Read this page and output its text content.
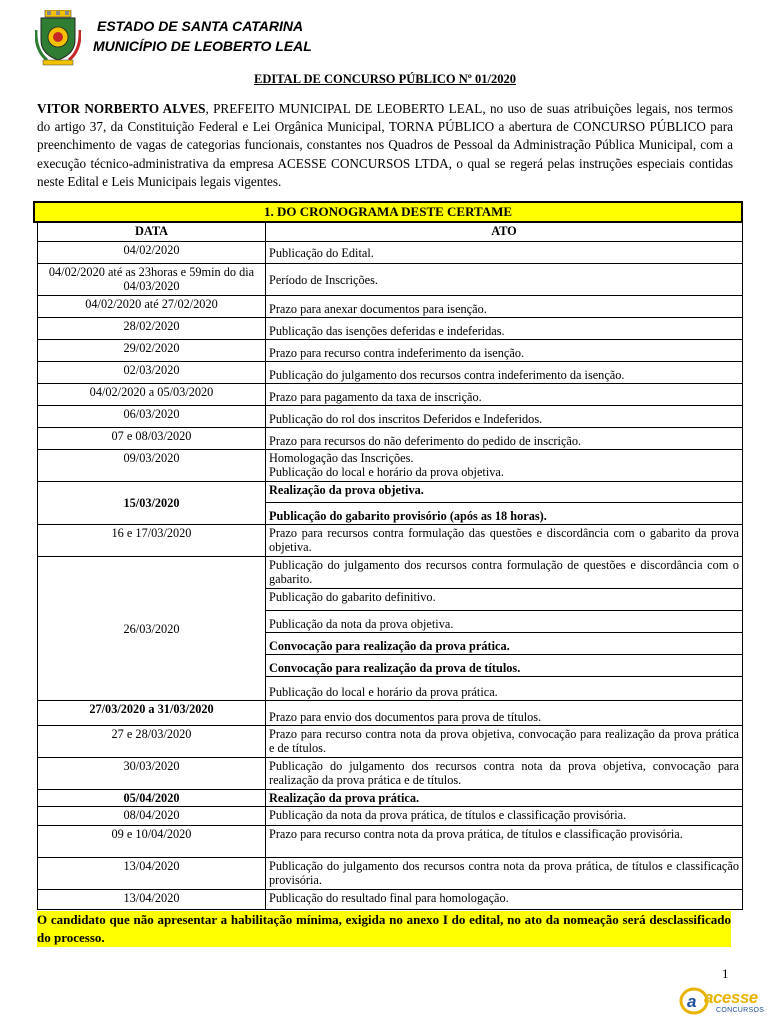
ESTADO DE SANTA CATARINA
MUNICÍPIO DE LEOBERTO LEAL
EDITAL DE CONCURSO PÚBLICO Nº 01/2020
VITOR NORBERTO ALVES, PREFEITO MUNICIPAL DE LEOBERTO LEAL, no uso de suas atribuições legais, nos termos do artigo 37, da Constituição Federal e Lei Orgânica Municipal, TORNA PÚBLICO a abertura de CONCURSO PÚBLICO para preenchimento de vagas de categorias funcionais, constantes nos Quadros de Pessoal da Administração Pública Municipal, com a execução técnico-administrativa da empresa ACESSE CONCURSOS LTDA, o qual se regerá pelas instruções especiais contidas neste Edital e Leis Municipais legais vigentes.
1. DO CRONOGRAMA DESTE CERTAME
DATA	ATO
04/02/2020	Publicação do Edital.
04/02/2020 até as 23horas e 59min do dia 04/03/2020	Período de Inscrições.
04/02/2020 até 27/02/2020	Prazo para anexar documentos para isenção.
28/02/2020	Publicação das isenções deferidas e indeferidas.
29/02/2020	Prazo para recurso contra indeferimento da isenção.
02/03/2020	Publicação do julgamento dos recursos contra indeferimento da isenção.
04/02/2020 a 05/03/2020	Prazo para pagamento da taxa de inscrição.
06/03/2020	Publicação do rol dos inscritos Deferidos e Indeferidos.
07 e 08/03/2020	Prazo para recursos do não deferimento do pedido de inscrição.
09/03/2020	Homologação das Inscrições.
Publicação do local e horário da prova objetiva.

15/03/2020	Realização da prova objetiva.
	Publicação do gabarito provisório (após as 18 horas).
16 e 17/03/2020	Prazo para recursos contra formulação das questões e discordância com o gabarito da prova objetiva.
26/03/2020	Publicação do julgamento dos recursos contra formulação de questões e discordância com o gabarito.
	Publicação do gabarito definitivo.
	Publicação da nota da prova objetiva.
	Convocação para realização da prova prática.
	Convocação para realização da prova de títulos.
	Publicação do local e horário da prova prática.
27/03/2020 a 31/03/2020	Prazo para envio dos documentos para prova de títulos.
27 e 28/03/2020	Prazo para recurso contra nota da prova objetiva, convocação para realização da prova prática e de títulos.
30/03/2020	Publicação do julgamento dos recursos contra nota da prova objetiva, convocação para realização da prova prática e de títulos.
05/04/2020	Realização da prova prática.
08/04/2020	Publicação da nota da prova prática, de títulos e classificação provisória.
09 e 10/04/2020	Prazo para recurso contra nota da prova prática, de títulos e classificação provisória.
13/04/2020	Publicação do julgamento dos recursos contra nota da prova prática, de títulos e classificação provisória.
13/04/2020	Publicação do resultado final para homologação.
O candidato que não apresentar a habilitação mínima, exigida no anexo I do edital, no ato da nomeação será desclassificado do processo.
1
a acesse
CONCURSOS
